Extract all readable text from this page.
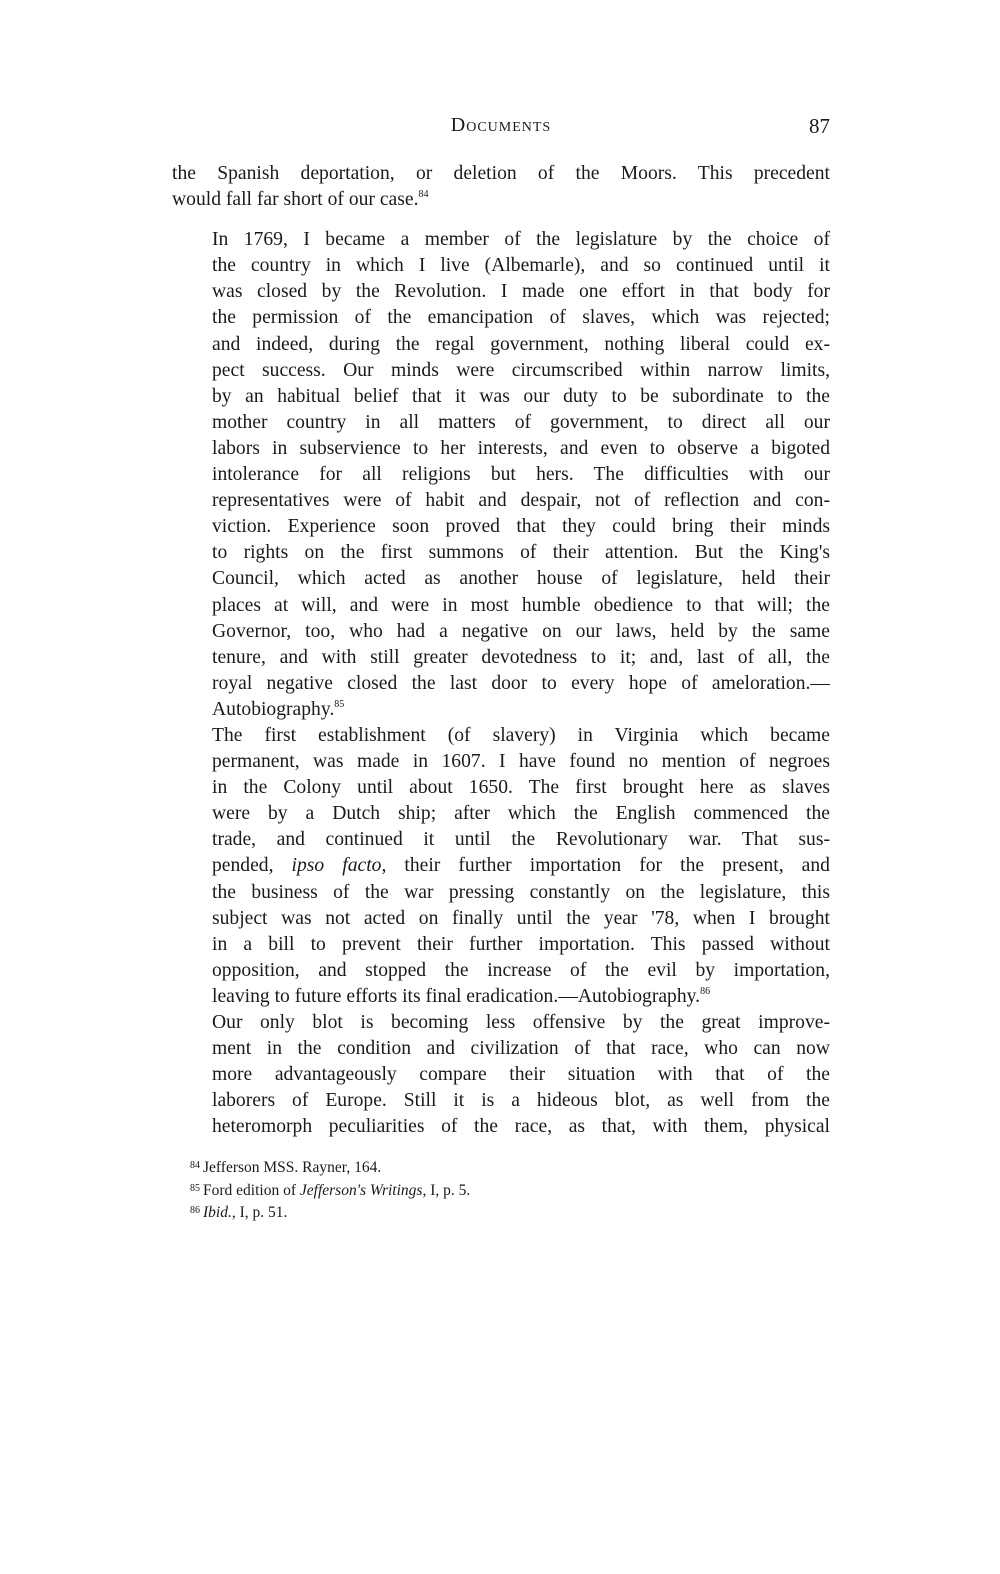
Documents	87

the Spanish deportation, or deletion of the Moors. This precedent
would fall far short of our case.$^{84}$

In 1769, I became a member of the legislature by the choice of
the country in which I live (Albemarle), and so continued until it
was closed by the Revolution. I made one effort in that body for
the permission of the emancipation of slaves, which was rejected;
and indeed, during the regal government, nothing liberal could ex-
pect success. Our minds were circumscribed within narrow limits,
by an habitual belief that it was our duty to be subordinate to the
mother country in all matters of government, to direct all our
labors in subservience to her interests, and even to observe a bigoted
intolerance for all religions but hers. The difficulties with our
representatives were of habit and despair, not of reflection and con-
viction. Experience soon proved that they could bring their minds
to rights on the first summons of their attention. But the King's
Council, which acted as another house of legislature, held their
places at will, and were in most humble obedience to that will; the
Governor, too, who had a negative on our laws, held by the same
tenure, and with still greater devotedness to it; and, last of all, the
royal negative closed the last door to every hope of ameloration.—
Autobiography.$^{85}$

The first establishment (of slavery) in Virginia which became
permanent, was made in 1607. I have found no mention of negroes
in the Colony until about 1650. The first brought here as slaves
were by a Dutch ship; after which the English commenced the
trade, and continued it until the Revolutionary war. That sus-
pended, ipso facto, their further importation for the present, and
the business of the war pressing constantly on the legislature, this
subject was not acted on finally until the year '78, when I brought
in a bill to prevent their further importation. This passed without
opposition, and stopped the increase of the evil by importation,
leaving to future efforts its final eradication.—Autobiography.$^{86}$

Our only blot is becoming less offensive by the great improve-
ment in the condition and civilization of that race, who can now
more advantageously compare their situation with that of the
laborers of Europe. Still it is a hideous blot, as well from the
heteromorph peculiarities of the race, as that, with them, physical

$^{84}$ Jefferson MSS. Rayner, 164.
$^{85}$ Ford edition of Jefferson's Writings, I, p. 5.
$^{86}$ Ibid., I, p. 51.
